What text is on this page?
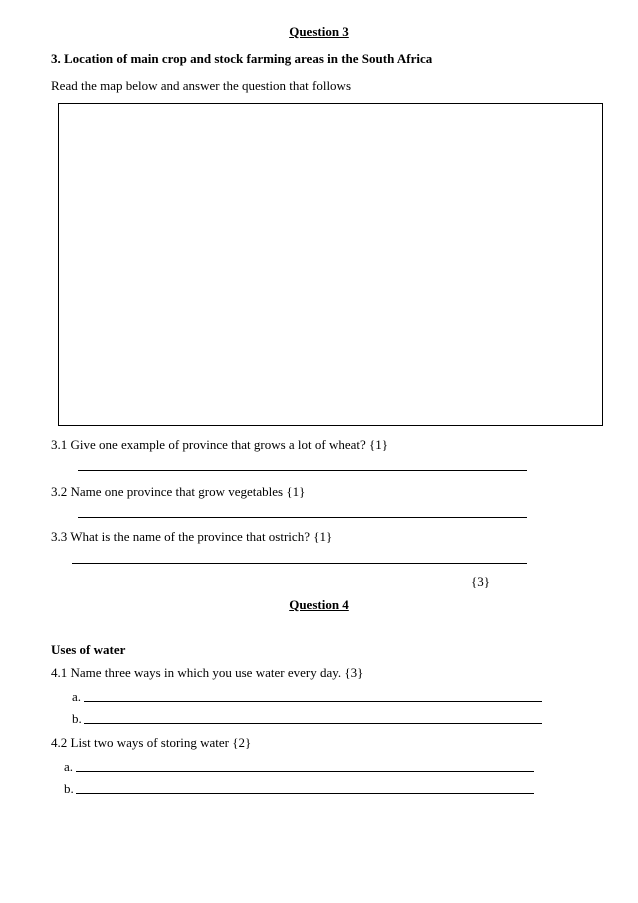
Question 3
3. Location of main crop and stock farming areas in the South Africa
Read the map below and answer the question that follows
3.1 Give one example of province that grows a lot of wheat? {1}
3.2 Name one province that grow vegetables {1}
3.3 What is the name of the province that ostrich? {1}
{3}
Question 4
Uses of water
4.1 Name three ways in which you use water every day. {3}
a.
b.
4.2 List two ways of storing water {2}
a.
b.
